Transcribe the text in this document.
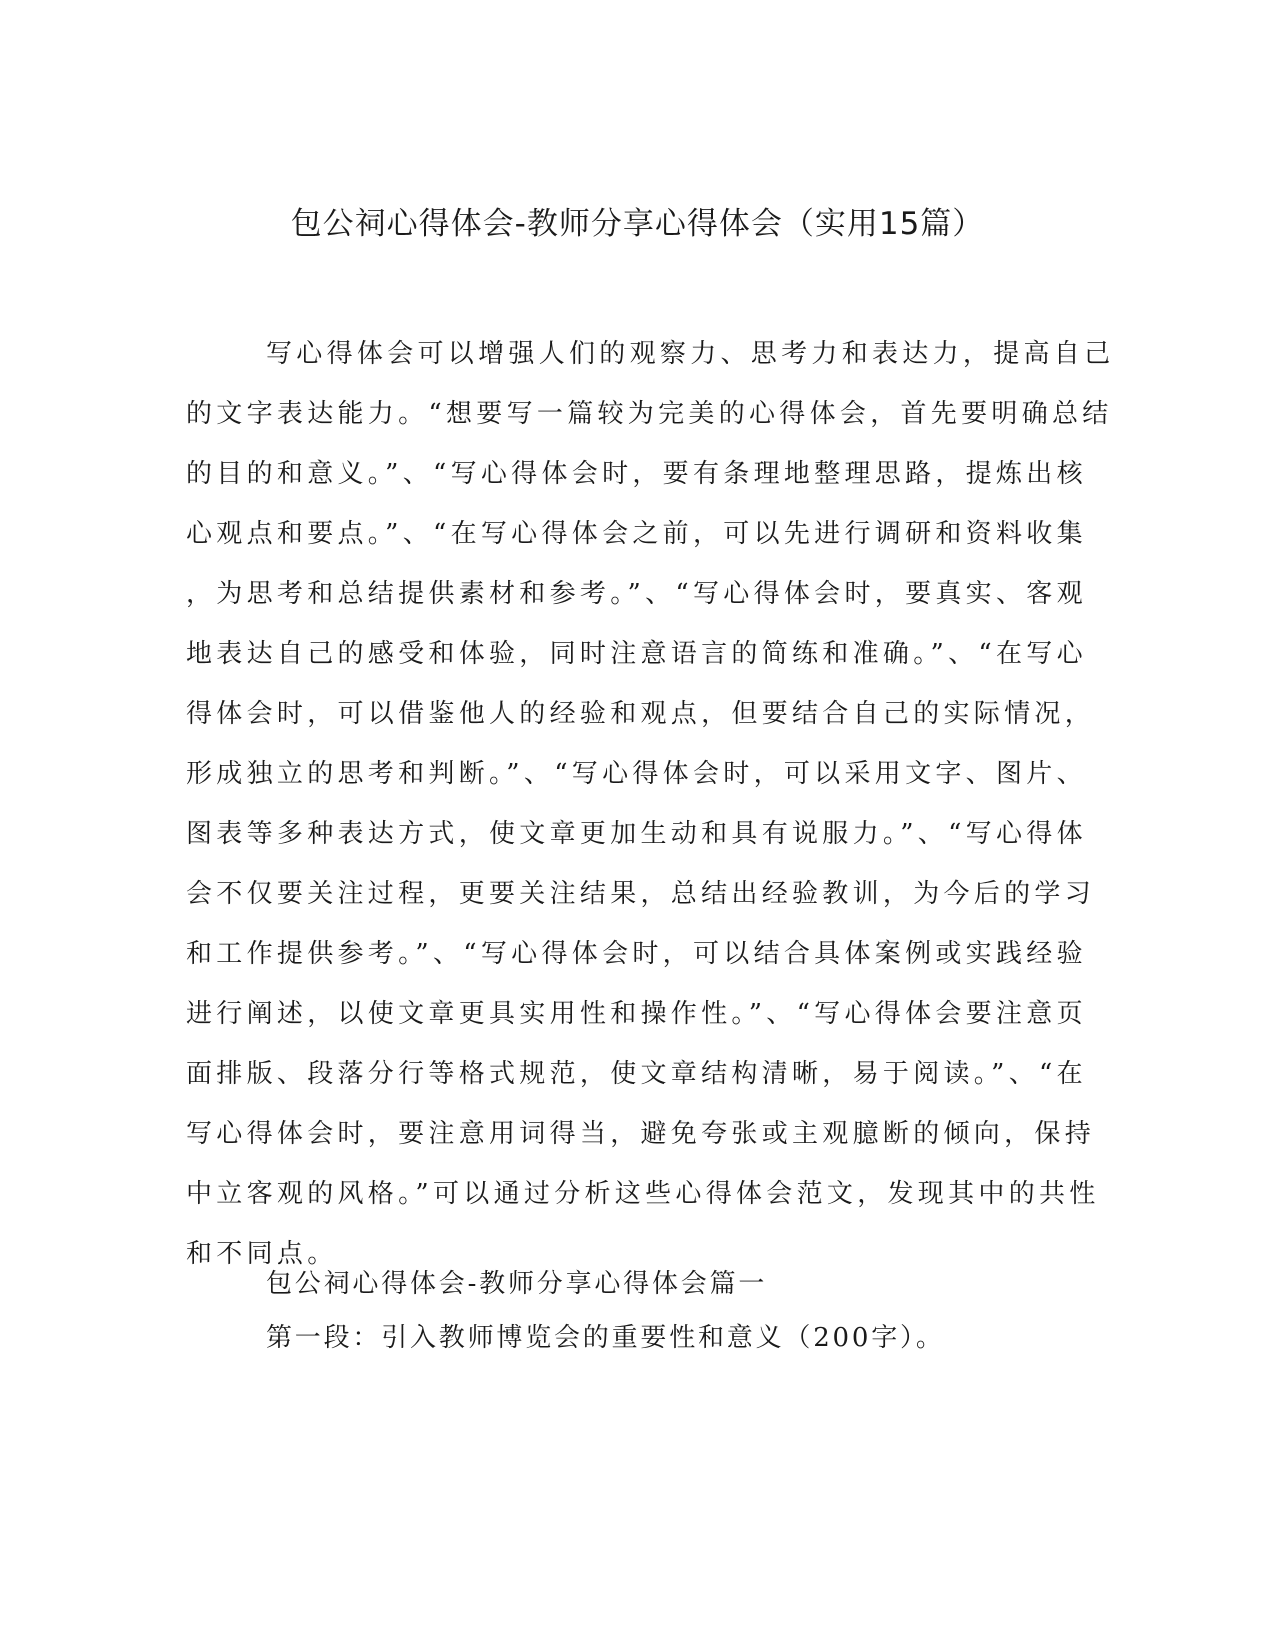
包公祠心得体会-教师分享心得体会（实用15篇）

写心得体会可以增强人们的观察力、思考力和表达力，提高自己

的文字表达能力。“想要写一篇较为完美的心得体会，首先要明确总结

的目的和意义。”、“写心得体会时，要有条理地整理思路，提炼出核

心观点和要点。”、“在写心得体会之前，可以先进行调研和资料收集

，为思考和总结提供素材和参考。”、“写心得体会时，要真实、客观

地表达自己的感受和体验，同时注意语言的简练和准确。”、“在写心

得体会时，可以借鉴他人的经验和观点，但要结合自己的实际情况，

形成独立的思考和判断。”、“写心得体会时，可以采用文字、图片、

图表等多种表达方式，使文章更加生动和具有说服力。”、“写心得体

会不仅要关注过程，更要关注结果，总结出经验教训，为今后的学习

和工作提供参考。”、“写心得体会时，可以结合具体案例或实践经验

进行阐述，以使文章更具实用性和操作性。”、“写心得体会要注意页

面排版、段落分行等格式规范，使文章结构清晰，易于阅读。”、“在

写心得体会时，要注意用词得当，避免夸张或主观臆断的倾向，保持

中立客观的风格。”可以通过分析这些心得体会范文，发现其中的共性

和不同点。

包公祠心得体会-教师分享心得体会篇一

第一段：引入教师博览会的重要性和意义（200字）。
